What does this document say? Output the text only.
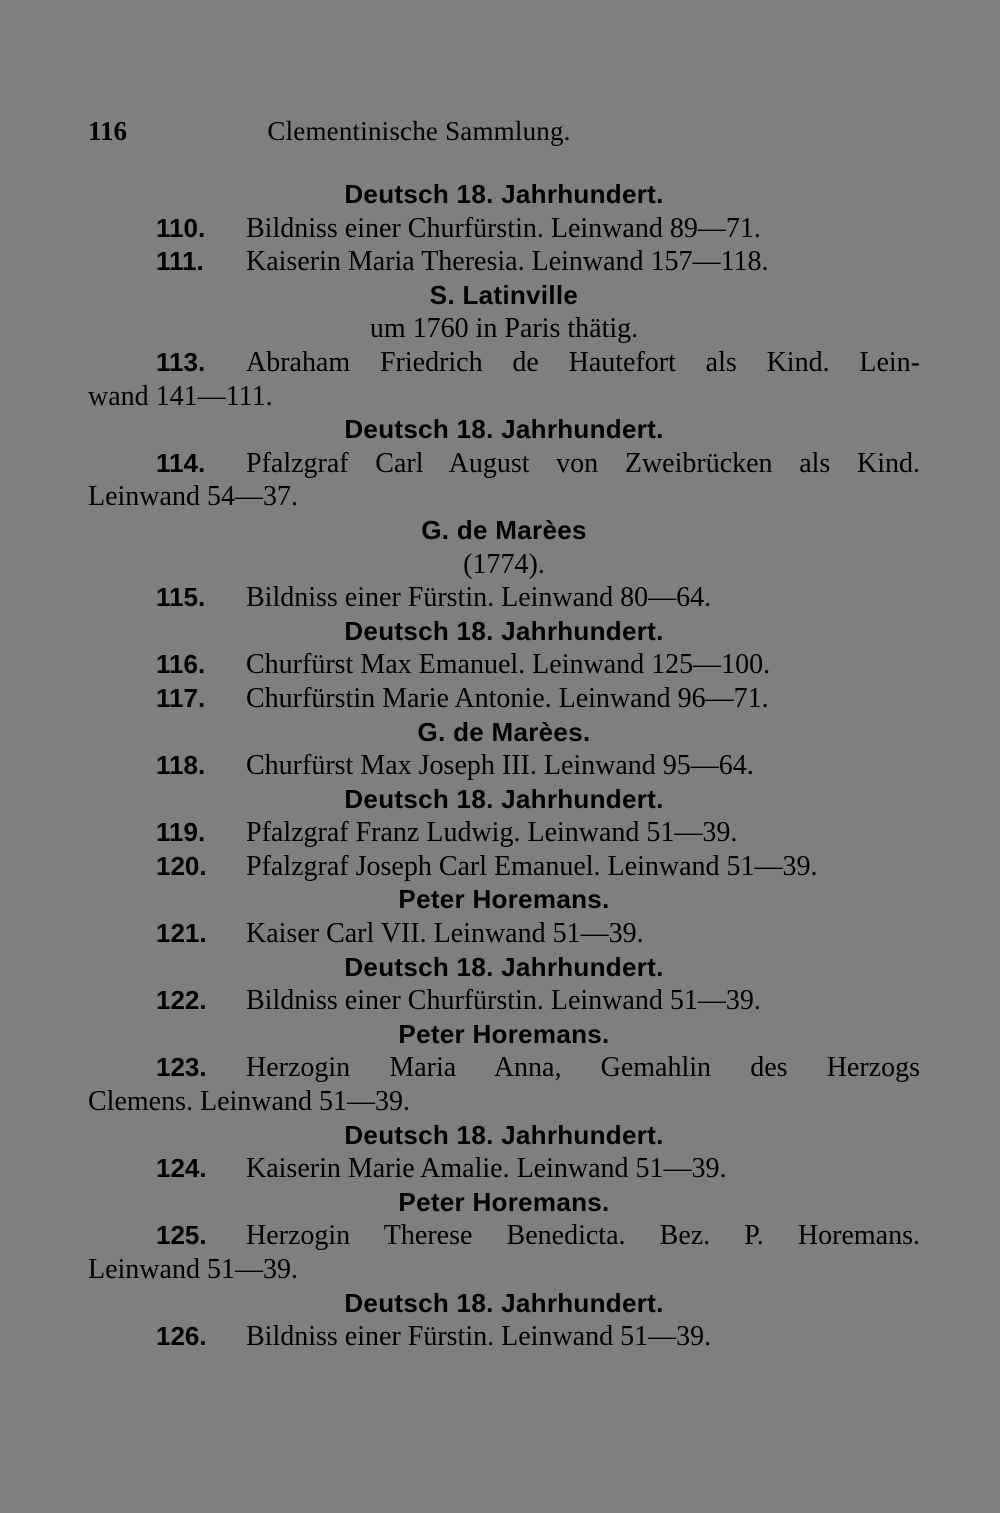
116	Clementinische Sammlung.
Deutsch 18. Jahrhundert.
110. Bildniss einer Churfürstin. Leinwand 89—71.
111. Kaiserin Maria Theresia. Leinwand 157—118.
S. Latinville
um 1760 in Paris thätig.
113. Abraham Friedrich de Hautefort als Kind. Lein-
wand 141—111.
Deutsch 18. Jahrhundert.
114. Pfalzgraf Carl August von Zweibrücken als Kind.
Leinwand 54—37.
G. de Marèes
(1774).
115. Bildniss einer Fürstin. Leinwand 80—64.
Deutsch 18. Jahrhundert.
116. Churfürst Max Emanuel. Leinwand 125—100.
117. Churfürstin Marie Antonie. Leinwand 96—71.
G. de Marèes.
118. Churfürst Max Joseph III. Leinwand 95—64.
Deutsch 18. Jahrhundert.
119. Pfalzgraf Franz Ludwig. Leinwand 51—39.
120. Pfalzgraf Joseph Carl Emanuel. Leinwand 51—39.
Peter Horemans.
121. Kaiser Carl VII. Leinwand 51—39.
Deutsch 18. Jahrhundert.
122. Bildniss einer Churfürstin. Leinwand 51—39.
Peter Horemans.
123. Herzogin Maria Anna, Gemahlin des Herzogs
Clemens. Leinwand 51—39.
Deutsch 18. Jahrhundert.
124. Kaiserin Marie Amalie. Leinwand 51—39.
Peter Horemans.
125. Herzogin Therese Benedicta. Bez. P. Horemans.
Leinwand 51—39.
Deutsch 18. Jahrhundert.
126. Bildniss einer Fürstin. Leinwand 51—39.
